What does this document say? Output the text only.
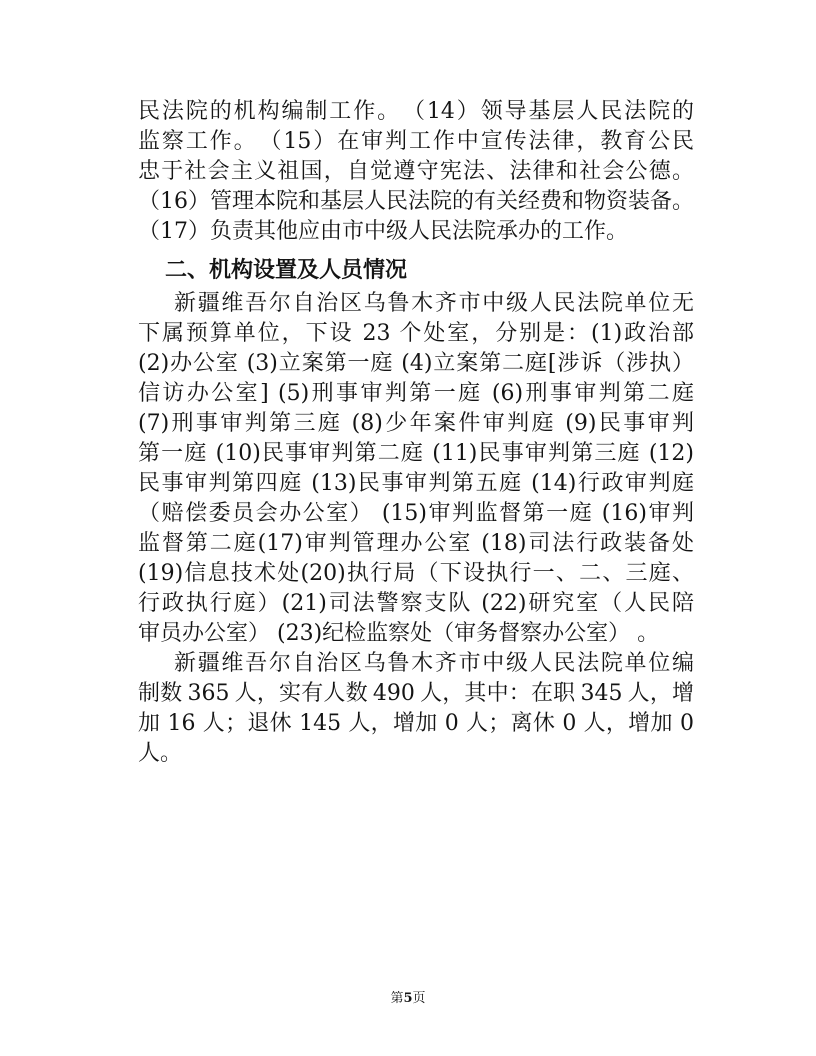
民法院的机构编制工作。　（14）领导基层人民法院的
监察工作。　（15）在审判工作中宣传法律，教育公民
忠于社会主义祖国，自觉遵守宪法、法律和社会公德。
（16）管理本院和基层人民法院的有关经费和物资装备。
（17）负责其他应由市中级人民法院承办的工作。
二、机构设置及人员情况
新疆维吾尔自治区乌鲁木齐市中级人民法院单位无
下属预算单位，下设 23 个处室，分别是：(1)政治部
(2)办公室 (3)立案第一庭 (4)立案第二庭[涉诉（涉执）
信访办公室] (5)刑事审判第一庭 (6)刑事审判第二庭
(7)刑事审判第三庭 (8)少年案件审判庭 (9)民事审判
第一庭 (10)民事审判第二庭 (11)民事审判第三庭 (12)
民事审判第四庭 (13)民事审判第五庭 (14)行政审判庭
（赔偿委员会办公室） (15)审判监督第一庭 (16)审判
监督第二庭(17)审判管理办公室 (18)司法行政装备处
(19)信息技术处(20)执行局（下设执行一、二、三庭、
行政执行庭）(21)司法警察支队 (22)研究室（人民陪
审员办公室） (23)纪检监察处（审务督察办公室） 。
新疆维吾尔自治区乌鲁木齐市中级人民法院单位编
制数 365 人，实有人数 490 人，其中：在职 345 人，增
加 16 人；退休 145 人，增加 0 人；离休 0 人，增加 0
人。
第5页
